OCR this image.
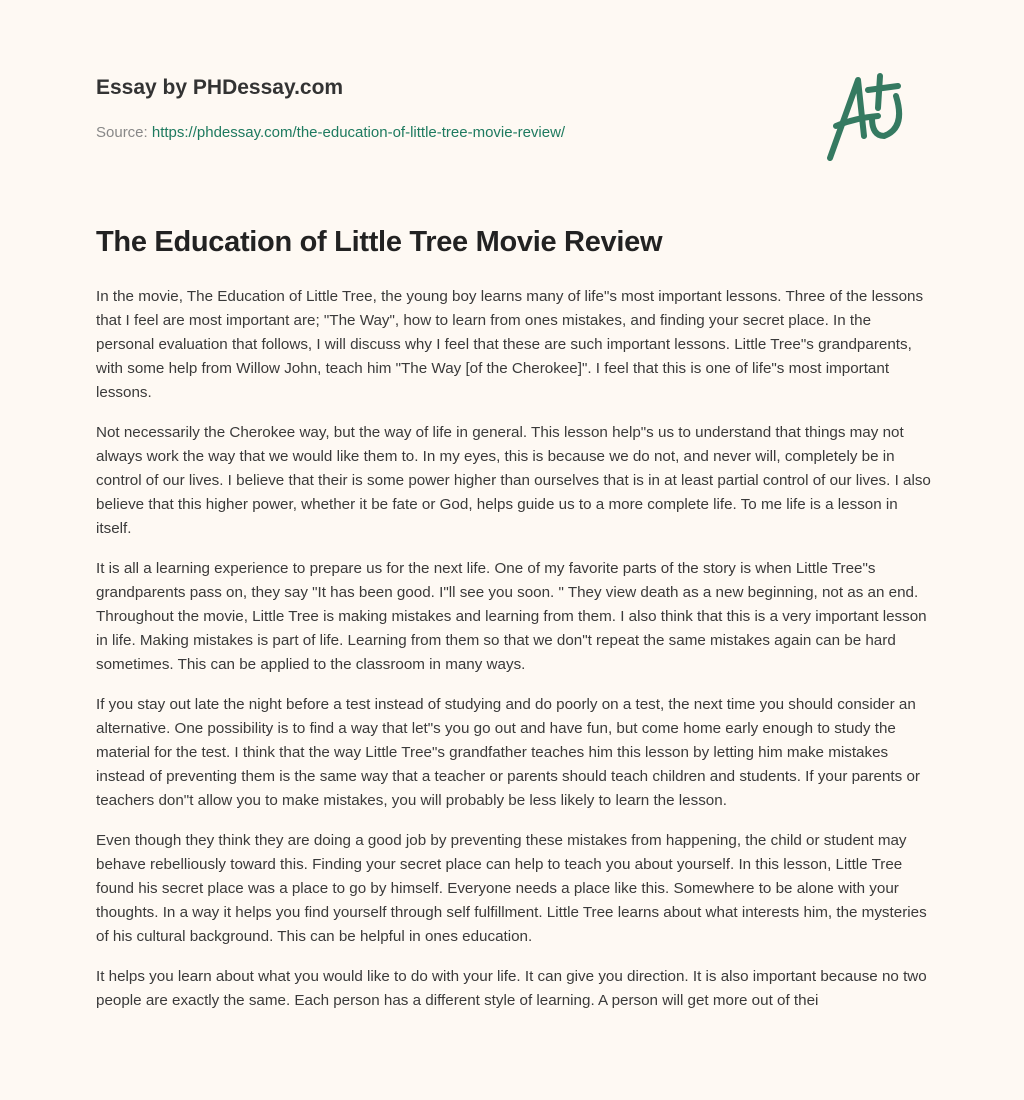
Essay by PHDessay.com
Source: https://phdessay.com/the-education-of-little-tree-movie-review/
The Education of Little Tree Movie Review

In the movie, The Education of Little Tree, the young boy learns many of life"s most important lessons. Three of the lessons that I feel are most important are; "The Way", how to learn from ones mistakes, and finding your secret place. In the personal evaluation that follows, I will discuss why I feel that these are such important lessons. Little Tree"s grandparents, with some help from Willow John, teach him "The Way [of the Cherokee]". I feel that this is one of life"s most important lessons.

Not necessarily the Cherokee way, but the way of life in general. This lesson help"s us to understand that things may not always work the way that we would like them to. In my eyes, this is because we do not, and never will, completely be in control of our lives. I believe that their is some power higher than ourselves that is in at least partial control of our lives. I also believe that this higher power, whether it be fate or God, helps guide us to a more complete life. To me life is a lesson in itself.

It is all a learning experience to prepare us for the next life. One of my favorite parts of the story is when Little Tree"s grandparents pass on, they say "It has been good. I"ll see you soon. " They view death as a new beginning, not as an end. Throughout the movie, Little Tree is making mistakes and learning from them. I also think that this is a very important lesson in life. Making mistakes is part of life. Learning from them so that we don"t repeat the same mistakes again can be hard sometimes. This can be applied to the classroom in many ways.

If you stay out late the night before a test instead of studying and do poorly on a test, the next time you should consider an alternative. One possibility is to find a way that let"s you go out and have fun, but come home early enough to study the material for the test. I think that the way Little Tree"s grandfather teaches him this lesson by letting him make mistakes instead of preventing them is the same way that a teacher or parents should teach children and students. If your parents or teachers don"t allow you to make mistakes, you will probably be less likely to learn the lesson.

Even though they think they are doing a good job by preventing these mistakes from happening, the child or student may behave rebelliously toward this. Finding your secret place can help to teach you about yourself. In this lesson, Little Tree found his secret place was a place to go by himself. Everyone needs a place like this. Somewhere to be alone with your thoughts. In a way it helps you find yourself through self fulfillment. Little Tree learns about what interests him, the mysteries of his cultural background. This can be helpful in ones education.

It helps you learn about what you would like to do with your life. It can give you direction. It is also important because no two people are exactly the same. Each person has a different style of learning. A person will get more out of thei
